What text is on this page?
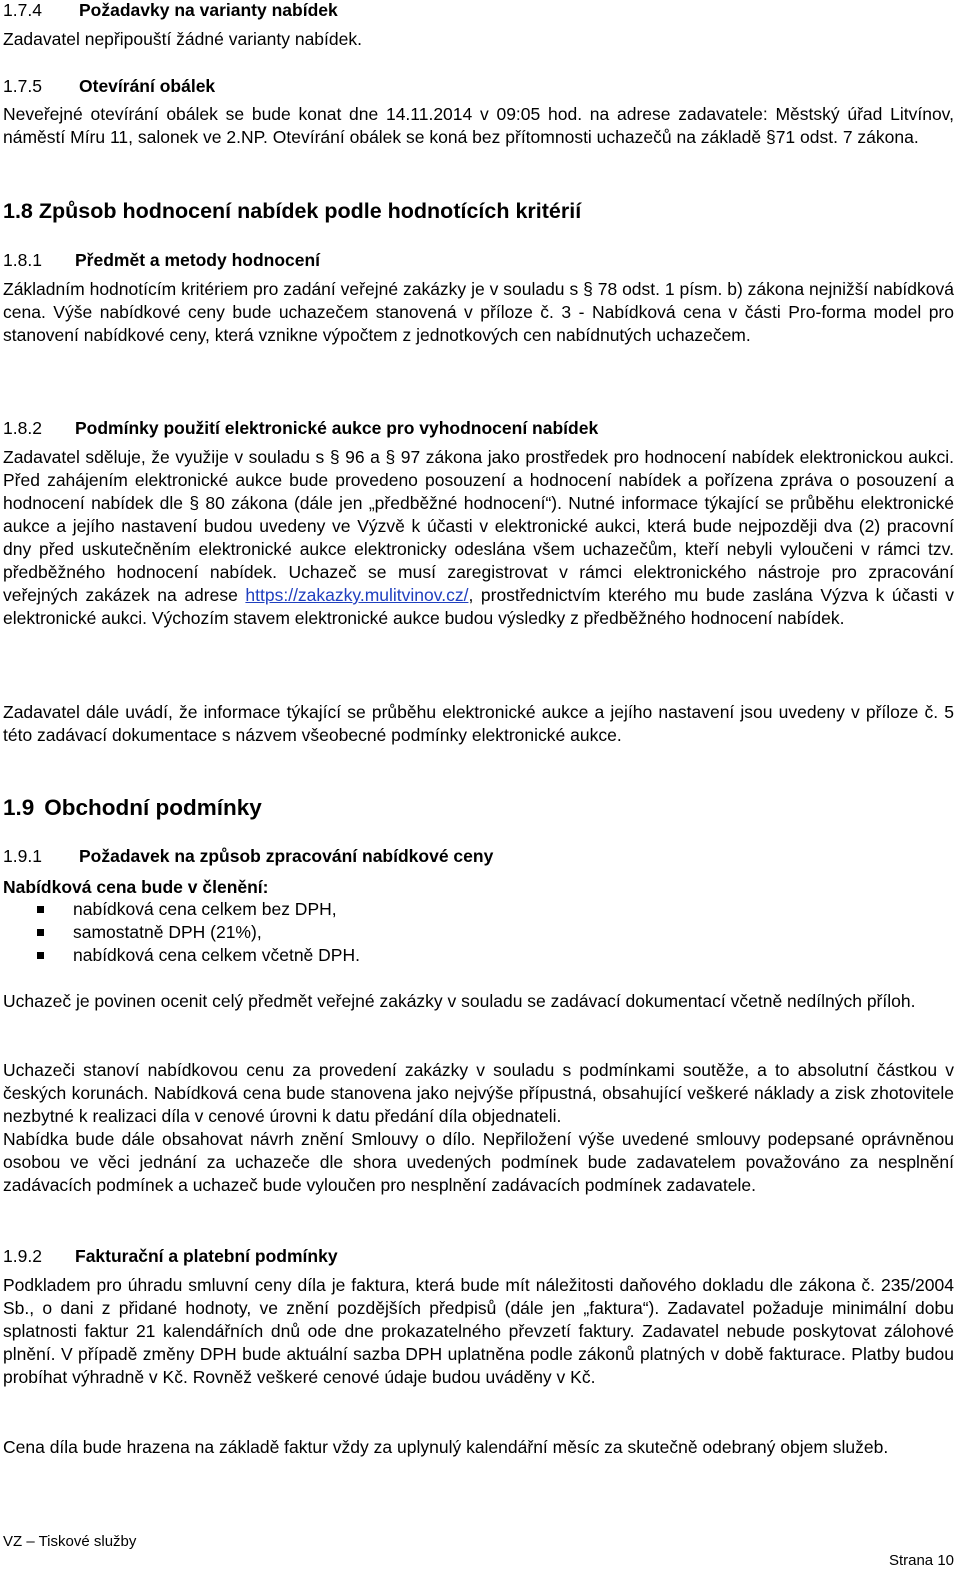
1.7.4 Požadavky na varianty nabídek

Zadavatel nepřipouští žádné varianty nabídek.

1.7.5 Otevírání obálek

Neveřejné otevírání obálek se bude konat dne 14.11.2014 v 09:05 hod. na adrese zadavatele: Městský úřad Litvínov, náměstí Míru 11, salonek ve 2.NP. Otevírání obálek se koná bez přítomnosti uchazečů na základě §71 odst. 7 zákona.

1.8 Způsob hodnocení nabídek podle hodnotících kritérií
1.8.1 Předmět a metody hodnocení

Základním hodnotícím kritériem pro zadání veřejné zakázky je v souladu s § 78 odst. 1 písm. b) zákona nejnižší nabídková cena. Výše nabídkové ceny bude uchazečem stanovená v příloze č. 3 - Nabídková cena v části Pro-forma model pro stanovení nabídkové ceny, která vznikne výpočtem z jednotkových cen nabídnutých uchazečem.

1.8.2 Podmínky použití elektronické aukce pro vyhodnocení nabídek

Zadavatel sděluje, že využije v souladu s § 96 a § 97 zákona jako prostředek pro hodnocení nabídek elektronickou aukci. Před zahájením elektronické aukce bude provedeno posouzení a hodnocení nabídek a pořízena zpráva o posouzení a hodnocení nabídek dle § 80 zákona (dále jen „předběžné hodnocení“). Nutné informace týkající se průběhu elektronické aukce a jejího nastavení budou uvedeny ve Výzvě k účasti v elektronické aukci, která bude nejpozději dva (2) pracovní dny před uskutečněním elektronické aukce elektronicky odeslána všem uchazečům, kteří nebyli vyloučeni v rámci tzv. předběžného hodnocení nabídek. Uchazeč se musí zaregistrovat v rámci elektronického nástroje pro zpracování veřejných zakázek na adrese https://zakazky.mulitvinov.cz/, prostřednictvím kterého mu bude zaslána Výzva k účasti v elektronické aukci. Výchozím stavem elektronické aukce budou výsledky z předběžného hodnocení nabídek.

Zadavatel dále uvádí, že informace týkající se průběhu elektronické aukce a jejího nastavení jsou uvedeny v příloze č. 5 této zadávací dokumentace s názvem všeobecné podmínky elektronické aukce.

1.9 Obchodní podmínky
1.9.1 Požadavek na způsob zpracování nabídkové ceny

Nabídková cena bude v členění:

nabídková cena celkem bez DPH,
samostatně DPH (21%),
nabídková cena celkem včetně DPH.

Uchazeč je povinen ocenit celý předmět veřejné zakázky v souladu se zadávací dokumentací včetně nedílných příloh.

Uchazeči stanoví nabídkovou cenu za provedení zakázky v souladu s podmínkami soutěže, a to absolutní částkou v českých korunách. Nabídková cena bude stanovena jako nejvýše přípustná, obsahující veškeré náklady a zisk zhotovitele nezbytné k realizaci díla v cenové úrovni k datu předání díla objednateli.

Nabídka bude dále obsahovat návrh znění Smlouvy o dílo. Nepřiložení výše uvedené smlouvy podepsané oprávněnou osobou ve věci jednání za uchazeče dle shora uvedených podmínek bude zadavatelem považováno za nesplnění zadávacích podmínek a uchazeč bude vyloučen pro nesplnění zadávacích podmínek zadavatele.

1.9.2 Fakturační a platební podmínky

Podkladem pro úhradu smluvní ceny díla je faktura, která bude mít náležitosti daňového dokladu dle zákona č. 235/2004 Sb., o dani z přidané hodnoty, ve znění pozdějších předpisů (dále jen „faktura“). Zadavatel požaduje minimální dobu splatnosti faktur 21 kalendářních dnů ode dne prokazatelného převzetí faktury. Zadavatel nebude poskytovat zálohové plnění. V případě změny DPH bude aktuální sazba DPH uplatněna podle zákonů platných v době fakturace. Platby budou probíhat výhradně v Kč. Rovněž veškeré cenové údaje budou uváděny v Kč.

Cena díla bude hrazena na základě faktur vždy za uplynulý kalendářní měsíc za skutečně odebraný objem služeb.

VZ – Tiskové služby
Strana 10
